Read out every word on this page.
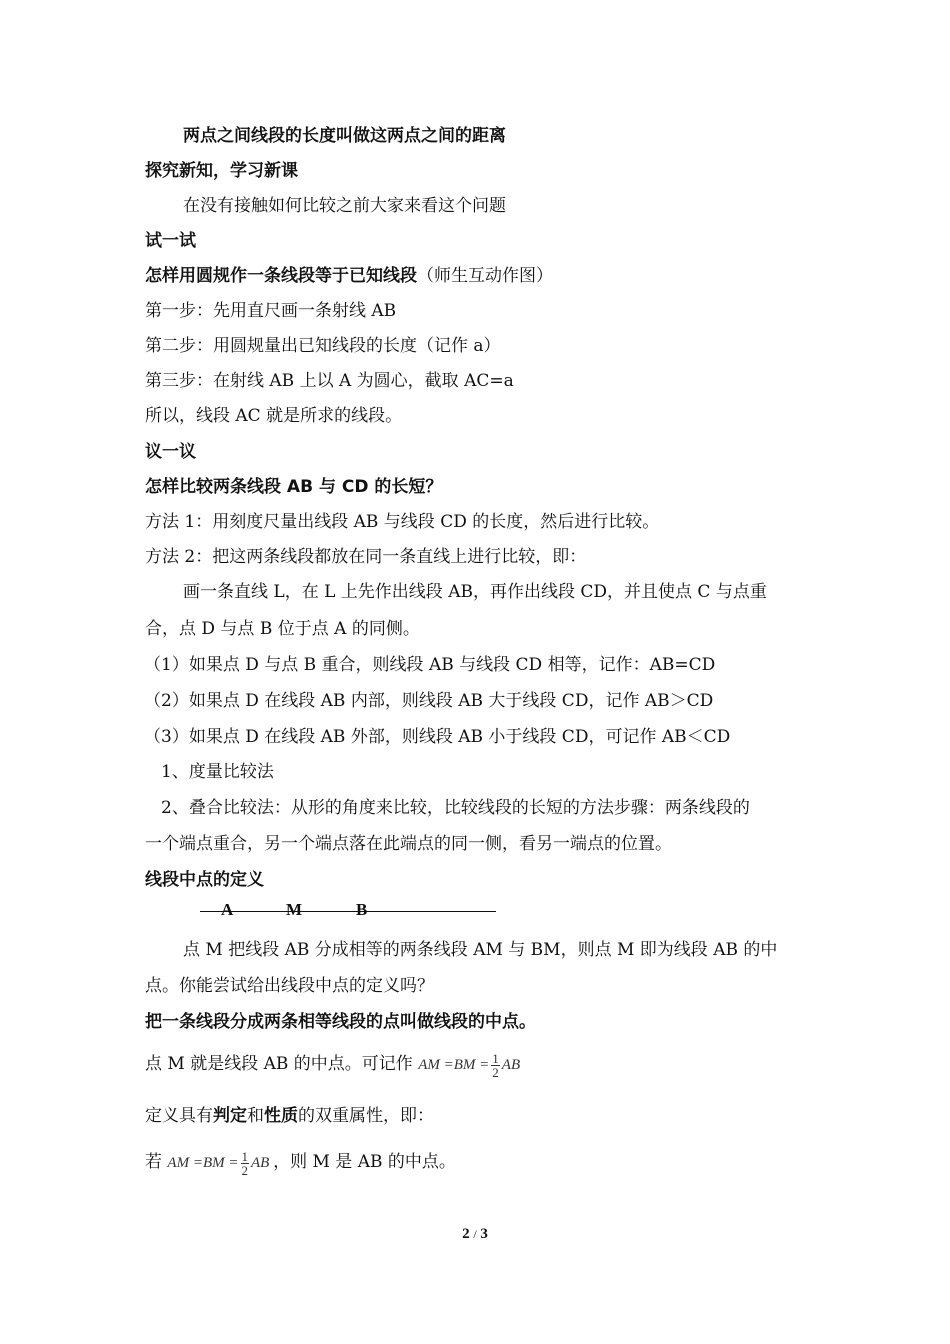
两点之间线段的长度叫做这两点之间的距离
探究新知，学习新课
在没有接触如何比较之前大家来看这个问题
试一试
怎样用圆规作一条线段等于已知线段（师生互动作图）
第一步：先用直尺画一条射线 AB
第二步：用圆规量出已知线段的长度（记作 a）
第三步：在射线 AB 上以 A 为圆心，截取 AC=a
所以，线段 AC 就是所求的线段。
议一议
怎样比较两条线段 AB 与 CD 的长短？
方法 1：用刻度尺量出线段 AB 与线段 CD 的长度，然后进行比较。
方法 2：把这两条线段都放在同一条直线上进行比较，即：
画一条直线 L，在 L 上先作出线段 AB，再作出线段 CD，并且使点 C 与点重
合，点 D 与点 B 位于点 A 的同侧。
（1）如果点 D 与点 B 重合，则线段 AB 与线段 CD 相等，记作：AB=CD
（2）如果点 D 在线段 AB 内部，则线段 AB 大于线段 CD，记作 AB＞CD
（3）如果点 D 在线段 AB 外部，则线段 AB 小于线段 CD，可记作 AB＜CD
1、度量比较法
2、叠合比较法：从形的角度来比较，比较线段的长短的方法步骤：两条线段的
一个端点重合，另一个端点落在此端点的同一侧，看另一端点的位置。
线段中点的定义
A	M	B
点 M 把线段 AB 分成相等的两条线段 AM 与 BM，则点 M 即为线段 AB 的中
点。你能尝试给出线段中点的定义吗？
把一条线段分成两条相等线段的点叫做线段的中点。
点 M 就是线段 AB 的中点。可记作 AM $=BM = \frac{1}{2}$ AB
定义具有判定和性质的双重属性，即：
若 AM $=BM = \frac{1}{2}$ AB ，则 M 是 AB 的中点。
2 / 3
